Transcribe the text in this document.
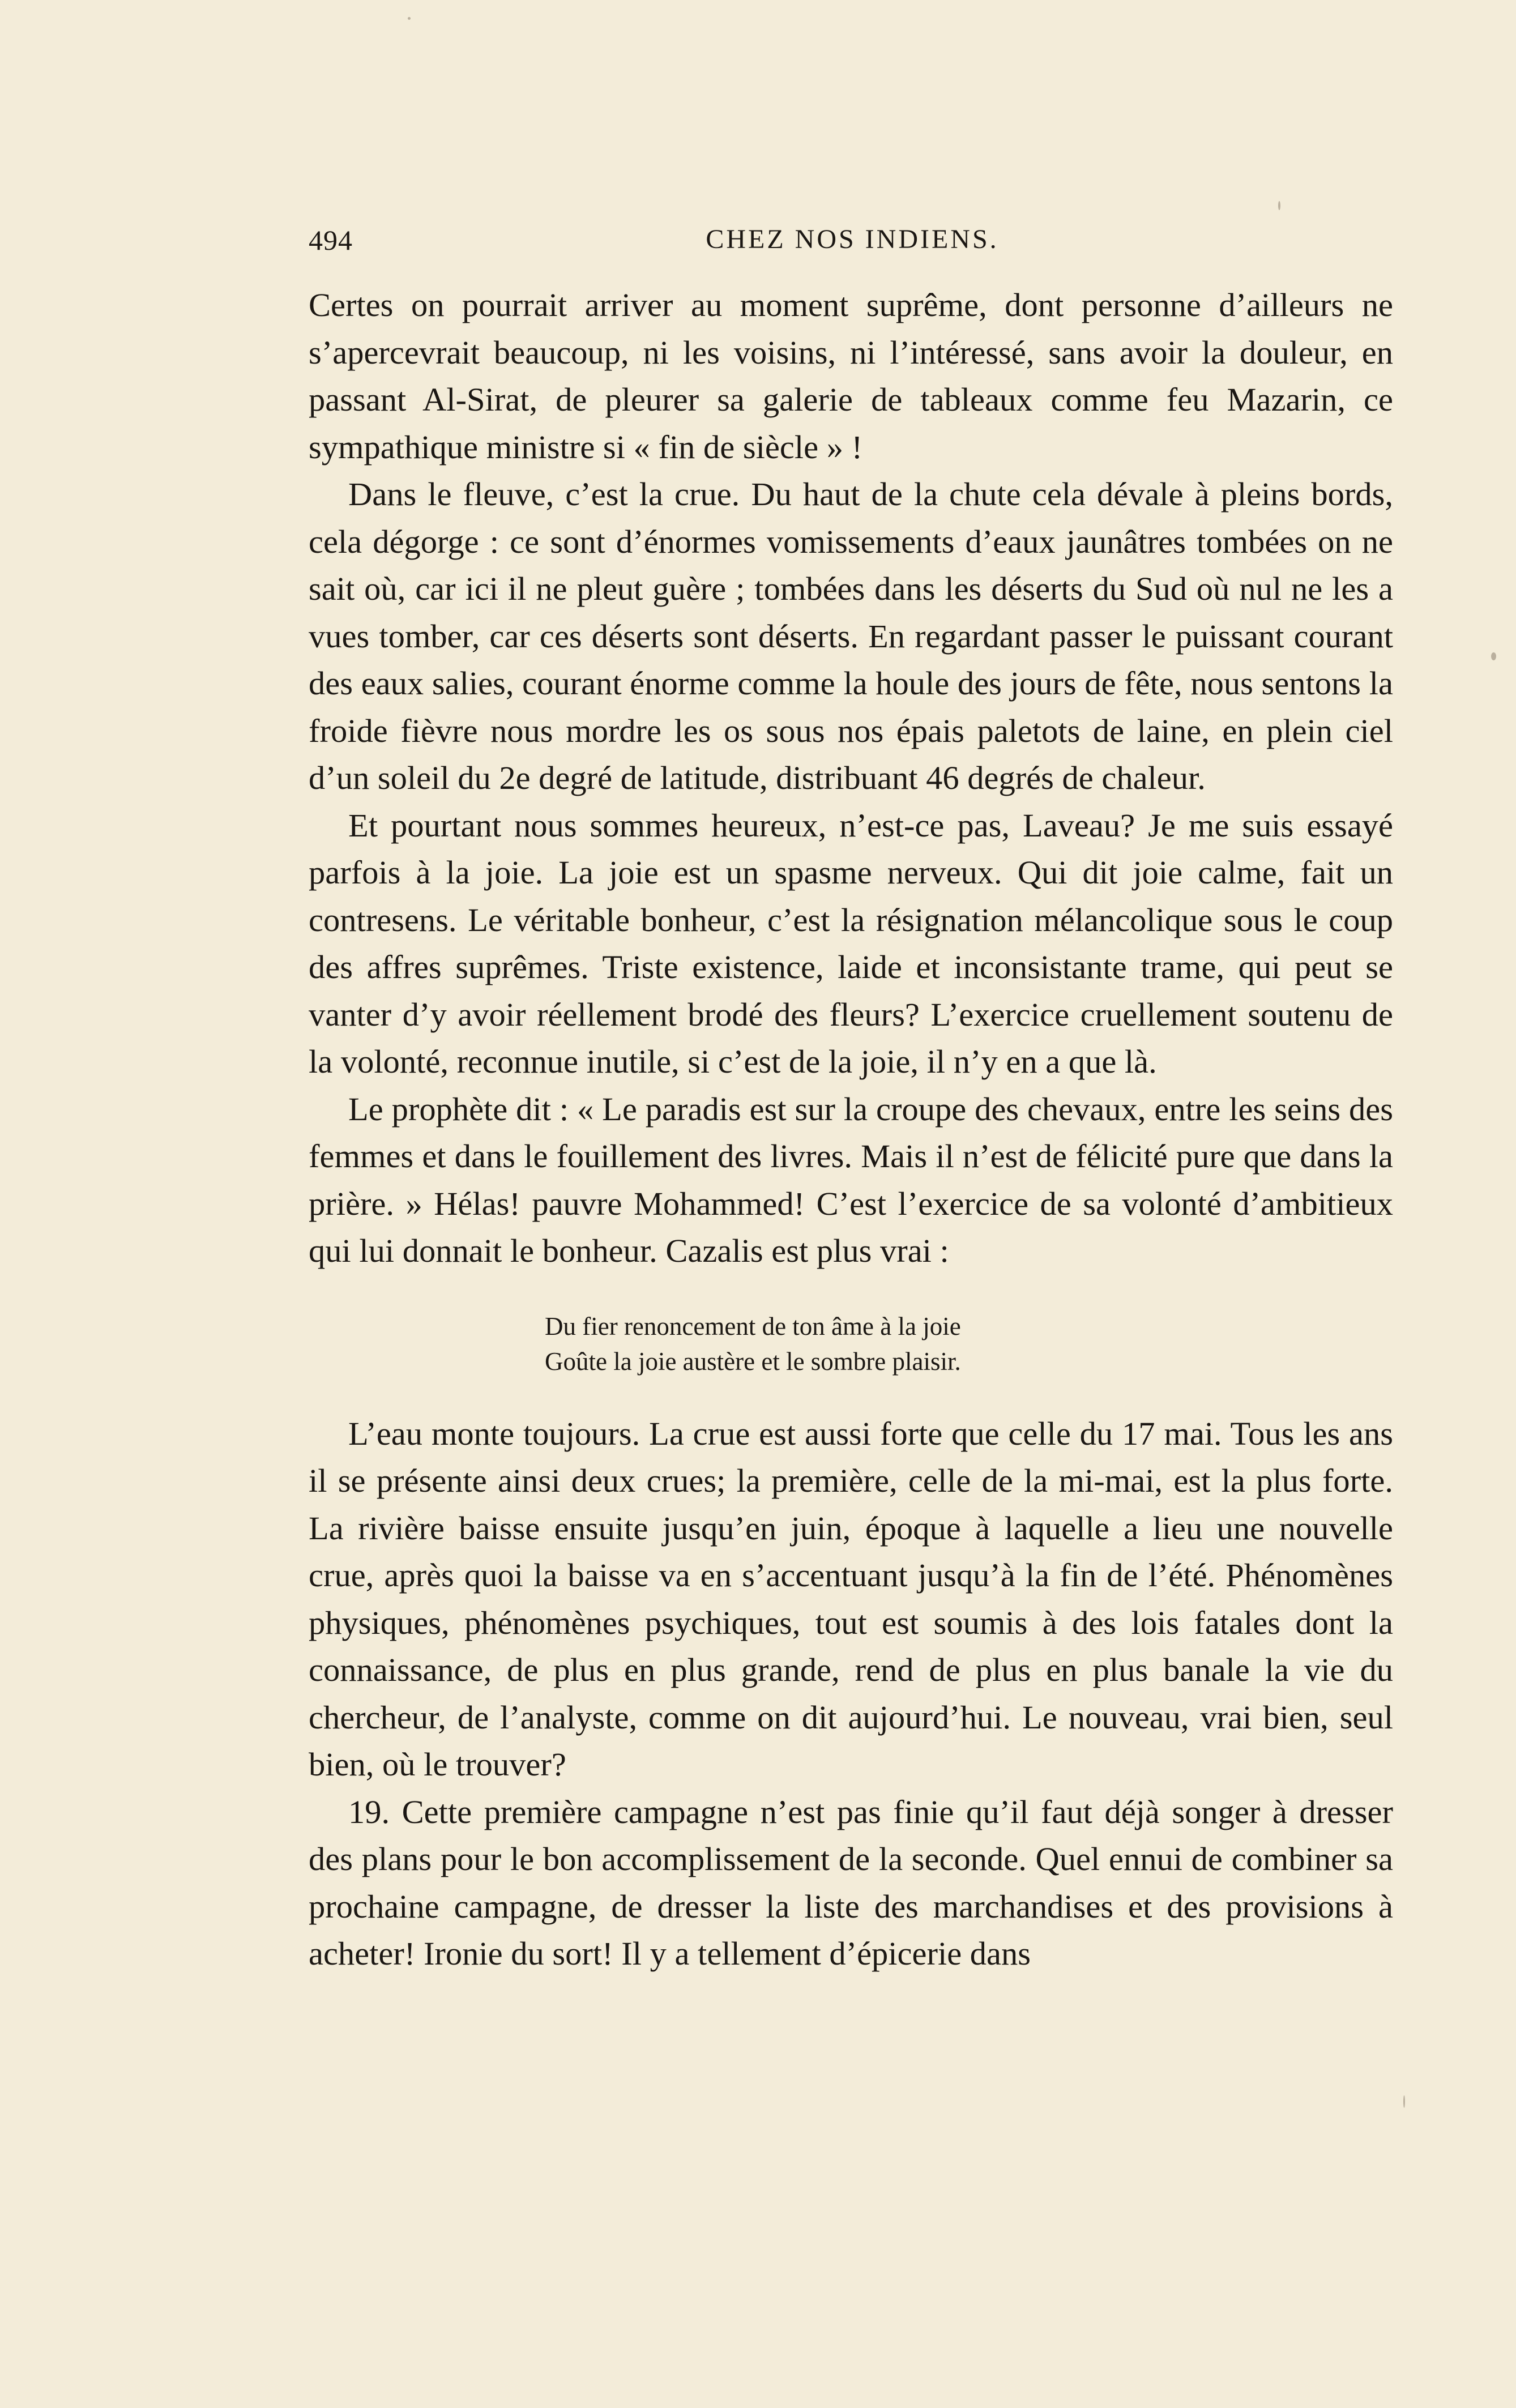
494	CHEZ NOS INDIENS.

Certes on pourrait arriver au moment suprême, dont personne d’ailleurs ne s’apercevrait beaucoup, ni les voisins, ni l’intéressé, sans avoir la douleur, en passant Al-Sirat, de pleurer sa galerie de tableaux comme feu Mazarin, ce sympathique ministre si « fin de siècle » !

Dans le fleuve, c’est la crue. Du haut de la chute cela dévale à pleins bords, cela dégorge : ce sont d’énormes vomissements d’eaux jaunâtres tombées on ne sait où, car ici il ne pleut guère ; tombées dans les déserts du Sud où nul ne les a vues tomber, car ces déserts sont déserts. En regardant passer le puissant courant des eaux salies, courant énorme comme la houle des jours de fête, nous sentons la froide fièvre nous mordre les os sous nos épais paletots de laine, en plein ciel d’un soleil du 2e degré de latitude, distribuant 46 degrés de chaleur.

Et pourtant nous sommes heureux, n’est-ce pas, Laveau? Je me suis essayé parfois à la joie. La joie est un spasme nerveux. Qui dit joie calme, fait un contresens. Le véritable bonheur, c’est la résignation mélancolique sous le coup des affres suprêmes. Triste existence, laide et inconsistante trame, qui peut se vanter d’y avoir réellement brodé des fleurs? L’exercice cruellement soutenu de la volonté, reconnue inutile, si c’est de la joie, il n’y en a que là.

Le prophète dit : « Le paradis est sur la croupe des chevaux, entre les seins des femmes et dans le fouillement des livres. Mais il n’est de félicité pure que dans la prière. » Hélas! pauvre Mohammed! C’est l’exercice de sa volonté d’ambitieux qui lui donnait le bonheur. Cazalis est plus vrai :

Du fier renoncement de ton âme à la joie
Goûte la joie austère et le sombre plaisir.

L’eau monte toujours. La crue est aussi forte que celle du 17 mai. Tous les ans il se présente ainsi deux crues; la première, celle de la mi-mai, est la plus forte. La rivière baisse ensuite jusqu’en juin, époque à laquelle a lieu une nouvelle crue, après quoi la baisse va en s’accentuant jusqu’à la fin de l’été. Phénomènes physiques, phénomènes psychiques, tout est soumis à des lois fatales dont la connaissance, de plus en plus grande, rend de plus en plus banale la vie du chercheur, de l’analyste, comme on dit aujourd’hui. Le nouveau, vrai bien, seul bien, où le trouver?

19. Cette première campagne n’est pas finie qu’il faut déjà songer à dresser des plans pour le bon accomplissement de la seconde. Quel ennui de combiner sa prochaine campagne, de dresser la liste des marchandises et des provisions à acheter! Ironie du sort! Il y a tellement d’épicerie dans
